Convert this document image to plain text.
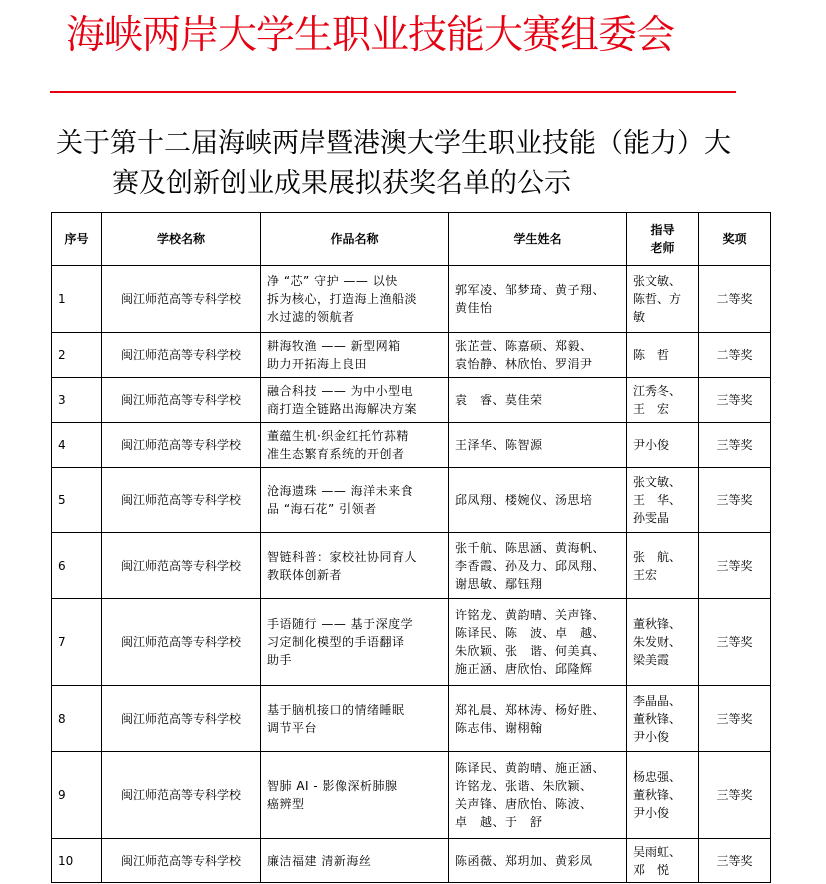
海峡两岸大学生职业技能大赛组委会
关于第十二届海峡两岸暨港澳大学生职业技能（能力）大
赛及创新创业成果展拟获奖名单的公示
序号	学校名称	作品名称	学生姓名	指导
老师	奖项
1	闽江师范高等专科学校	净 “芯” 守护 —— 以快
拆为核心，打造海上渔船淡
水过滤的领航者	郭军凌、邹梦琦、黄子翔、
黄佳怡	张文敏、
陈哲、方
敏	二等奖
2	闽江师范高等专科学校	耕海牧渔 —— 新型网箱
助力开拓海上良田	张芷萱、陈嘉硕、郑毅、
袁怡静、林欣怡、罗涓尹	陈　哲	二等奖
3	闽江师范高等专科学校	融合科技 —— 为中小型电
商打造全链路出海解决方案	袁　睿、莫佳荣	江秀冬、
王　宏	三等奖
4	闽江师范高等专科学校	董蕴生机·织金红托竹荪精
准生态繁育系统的开创者	王泽华、陈智源	尹小俊	三等奖
5	闽江师范高等专科学校	沧海遗珠 —— 海洋未来食
品 “海石花” 引领者	邱凤翔、楼婉仪、汤思培	张文敏、
王　华、
孙雯晶	三等奖
6	闽江师范高等专科学校	智链科普：家校社协同育人
教联体创新者	张千航、陈思涵、黄海帆、
李香霞、孙及力、邱凤翔、
谢思敏、鄢钰翔	张　航、
王宏	三等奖
7	闽江师范高等专科学校	手语随行 —— 基于深度学
习定制化模型的手语翻译
助手	许铭龙、黄韵晴、关声锋、
陈译民、陈　波、卓　越、
朱欣颖、张　谐、何美真、
施正涵、唐欣怡、邱隆辉	董秋锋、
朱发财、
梁美霞	三等奖
8	闽江师范高等专科学校	基于脑机接口的情绪睡眠
调节平台	郑礼晨、郑林涛、杨好胜、
陈志伟、谢栩翰	李晶晶、
董秋锋、
尹小俊	三等奖
9	闽江师范高等专科学校	智肺 AI - 影像深析肺腺
癌辨型	陈译民、黄韵晴、施正涵、
许铭龙、张谐、朱欣颖、
关声锋、唐欣怡、陈波、
卓　越、于　舒	杨忠强、
董秋锋、
尹小俊	三等奖
10	闽江师范高等专科学校	廉洁福建 清新海丝	陈函薇、郑玥加、黄彩凤	吴雨虹、
邓　悦	三等奖
